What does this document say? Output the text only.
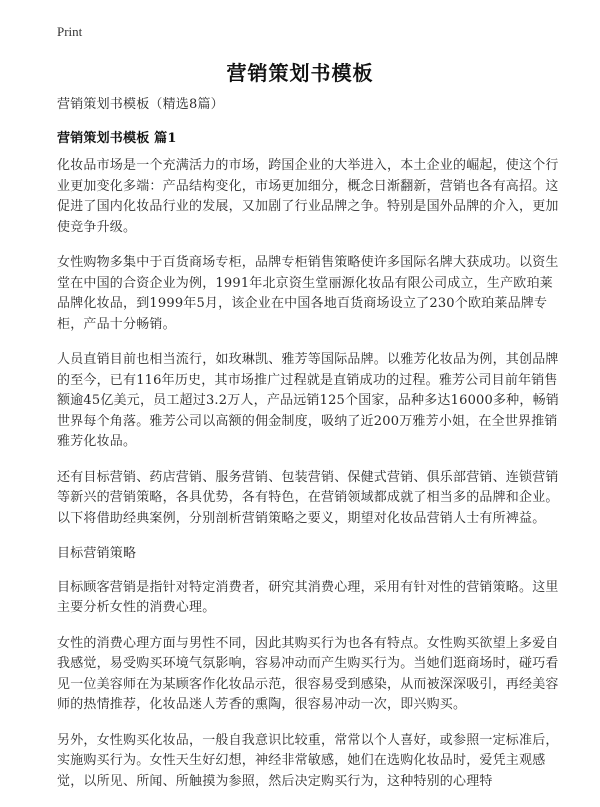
Print
营销策划书模板

营销策划书模板（精选8篇）

营销策划书模板 篇1

化妆品市场是一个充满活力的市场，跨国企业的大举进入，本土企业的崛起，使这个行业更加变化多端：产品结构变化，市场更加细分，概念日渐翻新，营销也各有高招。这促进了国内化妆品行业的发展，又加剧了行业品牌之争。特别是国外品牌的介入，更加使竞争升级。

女性购物多集中于百货商场专柜，品牌专柜销售策略使许多国际名牌大获成功。以资生堂在中国的合资企业为例，1991年北京资生堂丽源化妆品有限公司成立，生产欧珀莱品牌化妆品，到1999年5月，该企业在中国各地百货商场设立了230个欧珀莱品牌专柜，产品十分畅销。

人员直销目前也相当流行，如玫琳凯、雅芳等国际品牌。以雅芳化妆品为例，其创品牌的至今，已有116年历史，其市场推广过程就是直销成功的过程。雅芳公司目前年销售额逾45亿美元，员工超过3.2万人，产品远销125个国家，品种多达16000多种，畅销世界每个角落。雅芳公司以高额的佣金制度，吸纳了近200万雅芳小姐，在全世界推销雅芳化妆品。

还有目标营销、药店营销、服务营销、包装营销、保健式营销、俱乐部营销、连锁营销等新兴的营销策略，各具优势，各有特色，在营销领域都成就了相当多的品牌和企业。以下将借助经典案例，分别剖析营销策略之要义，期望对化妆品营销人士有所裨益。

目标营销策略

目标顾客营销是指针对特定消费者，研究其消费心理，采用有针对性的营销策略。这里主要分析女性的消费心理。

女性的消费心理方面与男性不同，因此其购买行为也各有特点。女性购买欲望上多爱自我感觉，易受购买环境气氛影响，容易冲动而产生购买行为。当她们逛商场时，碰巧看见一位美容师在为某顾客作化妆品示范，很容易受到感染，从而被深深吸引，再经美容师的热情推荐，化妆品迷人芳香的熏陶，很容易冲动一次，即兴购买。

另外，女性购买化妆品，一般自我意识比较重，常常以个人喜好，或参照一定标准后，实施购买行为。女性天生好幻想，神经非常敏感，她们在选购化妆品时，爱凭主观感觉，以所见、所闻、所触摸为参照，然后决定购买行为，这种特别的心理特
